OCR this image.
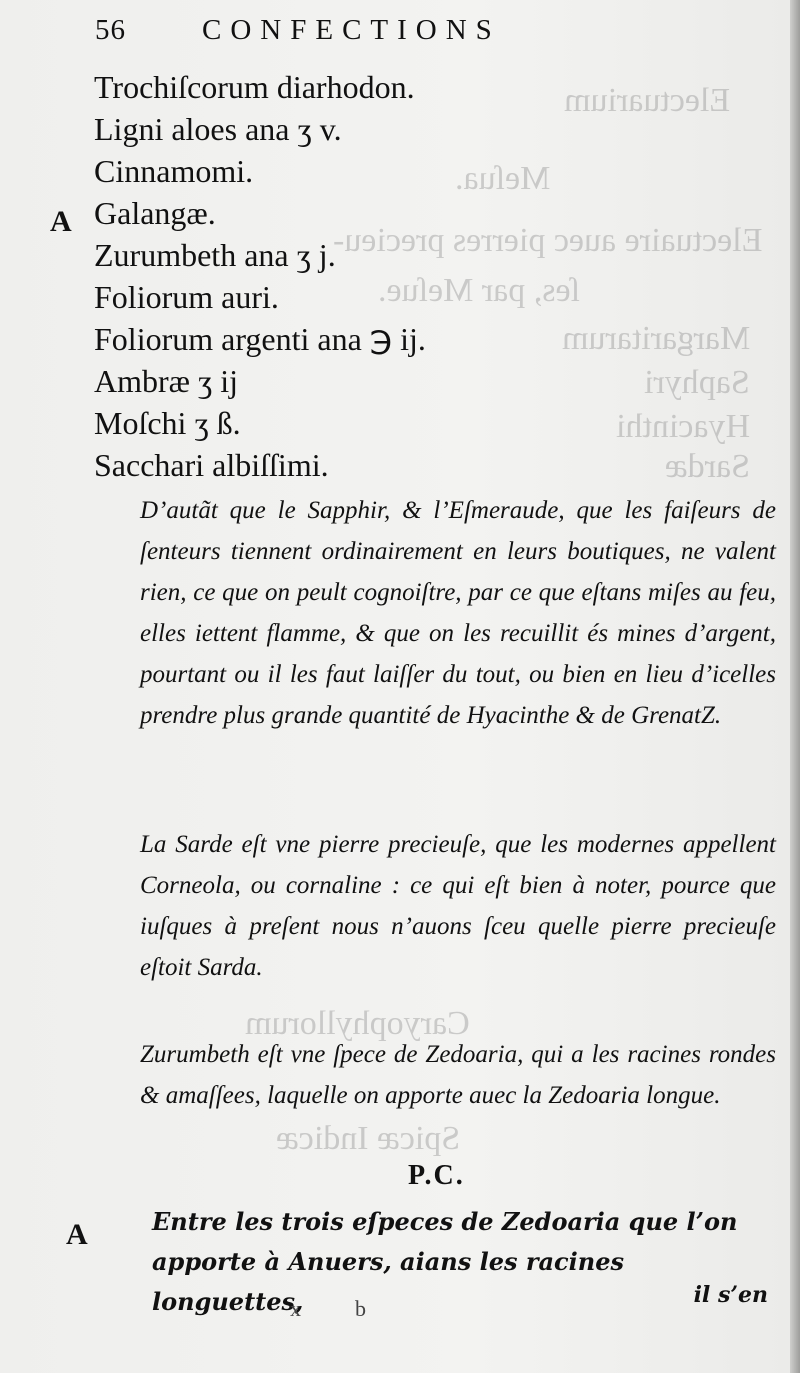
Electuarium
Meſua.
Electuaire auec pierres precieu-
ſes, par Meſue.
Margaritarum
Saphyri
Hyacinthi
Sardæ
Caryophyllorum
Spicæ Indicæ
56	CONFECTIONS
A
Trochiſcorum diarhodon.
Ligni aloes ana ʒ v.
Cinnamomi.
Galangæ.
Zurumbeth ana ʒ j.
Foliorum auri.
Foliorum argenti ana ℈ ij.
Ambræ ʒ ij
Moſchi ʒ ß.
Sacchari albiſſimi.
D’autãt que le Sapphir, & l’Eſmeraude, que les faiſeurs de ſenteurs tiennent ordinairement en leurs boutiques, ne valent rien, ce que on peult cognoiſtre, par ce que eſtans miſes au feu, elles iettent flamme, & que on les recuillit és mines d’argent, pourtant ou il les faut laiſſer du tout, ou bien en lieu d’icelles prendre plus grande quantité de Hyacinthe & de GrenatZ.
La Sarde eſt vne pierre precieuſe, que les modernes appellent Corneola, ou cornaline : ce qui eſt bien à noter, pource que iuſques à preſent nous n’auons ſceu quelle pierre precieuſe eſtoit Sarda.
Zurumbeth eſt vne ſpece de Zedoaria, qui a les racines rondes & amaſſees, laquelle on apporte auec la Zedoaria longue.
P.C.
A	Entre les trois eſpeces de Zedoaria que l’on apporte à Anuers, aians les racines longuettes,	il s’en
xb
